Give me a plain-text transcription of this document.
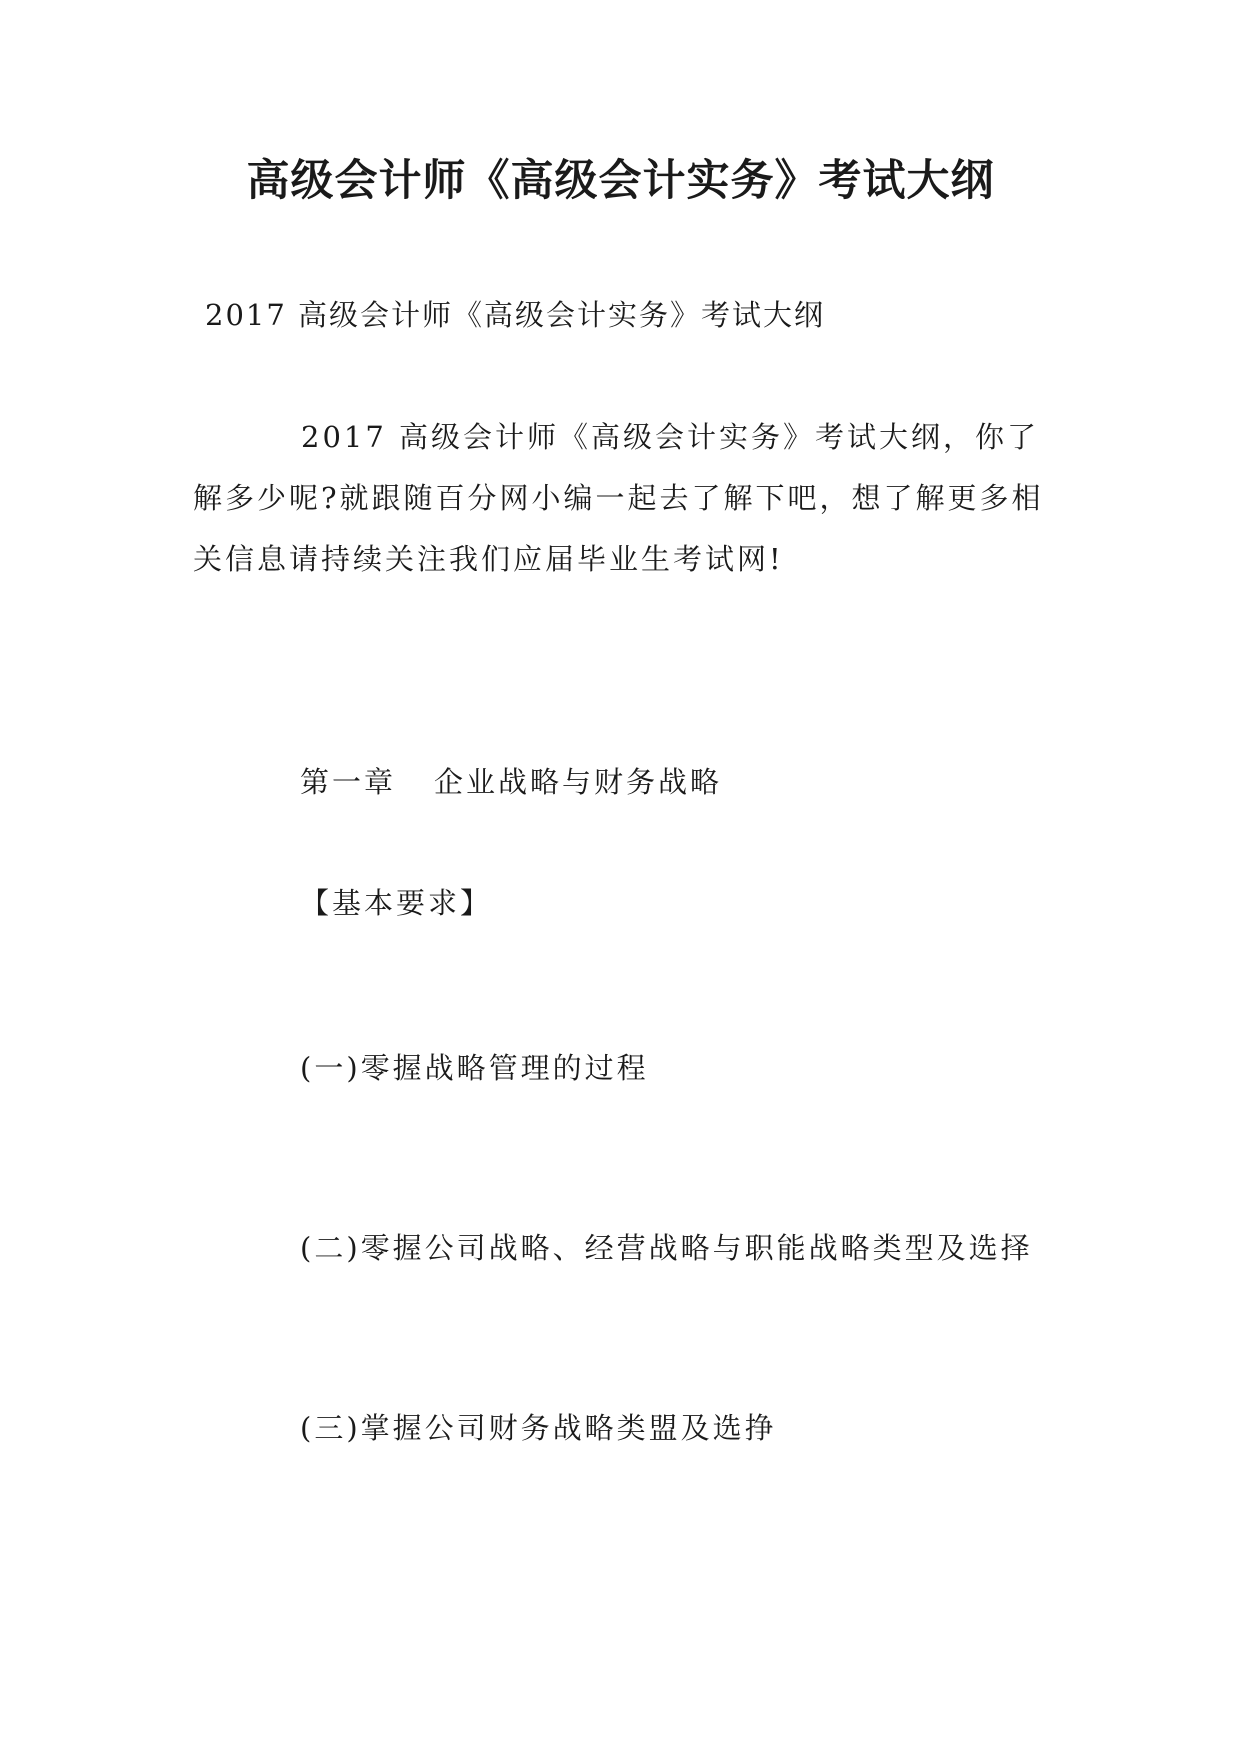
高级会计师《高级会计实务》考试大纲
2017 高级会计师《高级会计实务》考试大纲

2017 高级会计师《高级会计实务》考试大纲，你了解多少呢?就跟随百分网小编一起去了解下吧，想了解更多相关信息请持续关注我们应届毕业生考试网!

第一章 企业战略与财务战略
【基本要求】
(一)零握战略管理的过程
(二)零握公司战略、经营战略与职能战略类型及选择
(三)掌握公司财务战略类盟及选挣
